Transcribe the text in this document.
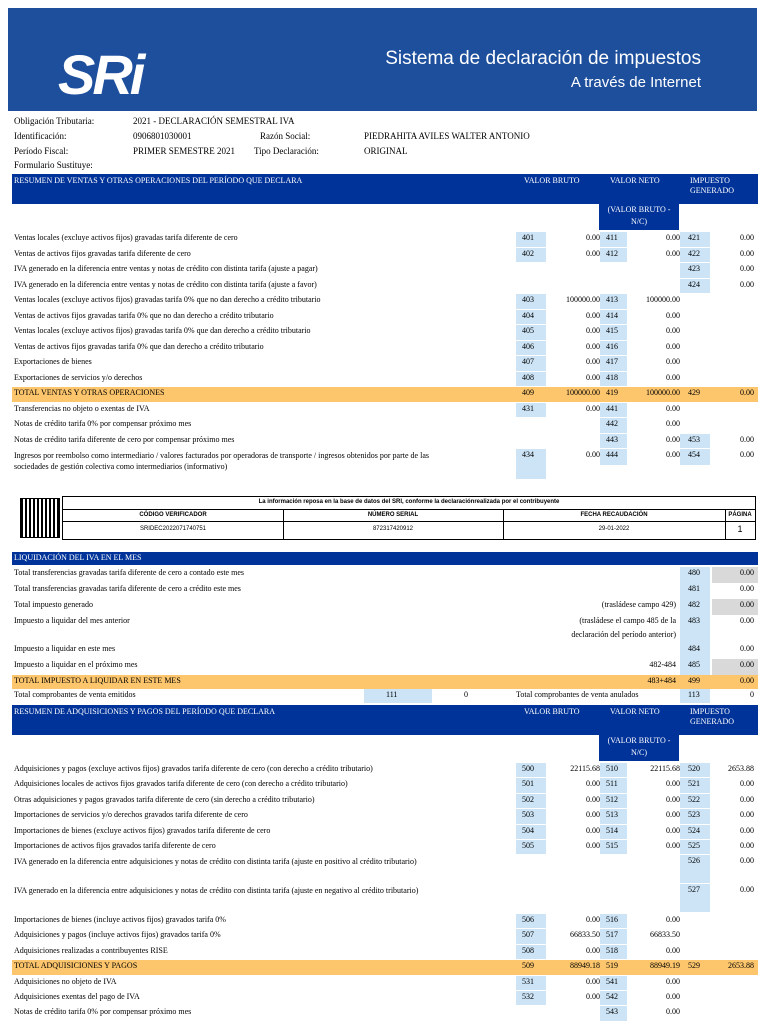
SRi	Sistema de declaración de impuestos
A través de Internet
Obligación Tributaria:	2021 - DECLARACIÓN SEMESTRAL IVA
Identificación:	0906801030001	Razón Social:	PIEDRAHITA AVILES WALTER ANTONIO
Período Fiscal:	PRIMER SEMESTRE 2021 Tipo Declaración:	ORIGINAL
Formulario Sustituye:
RESUMEN DE VENTAS Y OTRAS OPERACIONES DEL PERÍODO QUE DECLARA	VALOR BRUTO	VALOR NETO	IMPUESTO
GENERADO
(VALOR BRUTO -
N/C)
Ventas locales (excluye activos fijos) gravadas tarifa diferente de cero	401	0.00 411	0.00 421	0.00
Ventas de activos fijos gravadas tarifa diferente de cero	402	0.00 412	0.00 422	0.00
IVA generado en la diferencia entre ventas y notas de crédito con distinta tarifa (ajuste a pagar)	423	0.00
IVA generado en la diferencia entre ventas y notas de crédito con distinta tarifa (ajuste a favor)	424	0.00
Ventas locales (excluye activos fijos) gravadas tarifa 0% que no dan derecho a crédito tributario	403	100000.00 413	100000.00
Ventas de activos fijos gravadas tarifa 0% que no dan derecho a crédito tributario	404	0.00 414	0.00
Ventas locales (excluye activos fijos) gravadas tarifa 0% que dan derecho a crédito tributario	405	0.00 415	0.00
Ventas de activos fijos gravadas tarifa 0% que dan derecho a crédito tributario	406	0.00 416	0.00
Exportaciones de bienes	407	0.00 417	0.00
Exportaciones de servicios y/o derechos	408	0.00 418	0.00
TOTAL VENTAS Y OTRAS OPERACIONES	409	100000.00 419	100000.00 429	0.00
Transferencias no objeto o exentas de IVA	431	0.00 441	0.00
Notas de crédito tarifa 0% por compensar próximo mes	442	0.00
Notas de crédito tarifa diferente de cero por compensar próximo mes	443	0.00 453	0.00
Ingresos por reembolso como intermediario / valores facturados por operadoras de transporte / ingresos obtenidos por parte de las sociedades de gestión colectiva como intermediarios (informativo)
434	0.00 444	0.00 454	0.00
La información reposa en la base de datos del SRI, conforme la declaraciónrealizada por el contribuyente
CÓDIGO VERIFICADOR	NÚMERO SERIAL	FECHA RECAUDACIÓN	PÁGINA
SRIDEC2022071740751	872317420912	29-01-2022	1
LIQUIDACIÓN DEL IVA EN EL MES
Total transferencias gravadas tarifa diferente de cero a contado este mes	480	0.00
Total transferencias gravadas tarifa diferente de cero a crédito este mes	481	0.00
Total impuesto generado	(trasládese campo 429) 482	0.00
Impuesto a liquidar del mes anterior	(trasládese el campo 485 de la
declaración del período anterior)
483	0.00
Impuesto a liquidar en este mes	484	0.00
Impuesto a liquidar en el próximo mes	482-484 485	0.00
TOTAL IMPUESTO A LIQUIDAR EN ESTE MES	483+484 499	0.00
Total comprobantes de venta emitidos	111	0	Total comprobantes de venta anulados	113	0
RESUMEN DE ADQUISICIONES Y PAGOS DEL PERÍODO QUE DECLARA	VALOR BRUTO	VALOR NETO	IMPUESTO
GENERADO
(VALOR BRUTO -
N/C)
Adquisiciones y pagos (excluye activos fijos) gravados tarifa diferente de cero (con derecho a crédito tributario)	500	22115.68 510	22115.68 520	2653.88
Adquisiciones locales de activos fijos gravados tarifa diferente de cero (con derecho a crédito tributario)	501	0.00 511	0.00 521	0.00
Otras adquisiciones y pagos gravados tarifa diferente de cero (sin derecho a crédito tributario)	502	0.00 512	0.00 522	0.00
Importaciones de servicios y/o derechos gravados tarifa diferente de cero	503	0.00 513	0.00 523	0.00
Importaciones de bienes (excluye activos fijos) gravados tarifa diferente de cero	504	0.00 514	0.00 524	0.00
Importaciones de activos fijos gravados tarifa diferente de cero	505	0.00 515	0.00 525	0.00
IVA generado en la diferencia entre adquisiciones y notas de crédito con distinta tarifa (ajuste en positivo al crédito tributario)	526	0.00
IVA generado en la diferencia entre adquisiciones y notas de crédito con distinta tarifa (ajuste en negativo al crédito tributario)	527	0.00
Importaciones de bienes (incluye activos fijos) gravados tarifa 0%	506	0.00 516	0.00
Adquisiciones y pagos (incluye activos fijos) gravados tarifa 0%	507	66833.50 517	66833.50
Adquisiciones realizadas a contribuyentes RISE	508	0.00 518	0.00
TOTAL ADQUISICIONES Y PAGOS	509	88949.18 519	88949.19 529	2653.88
Adquisiciones no objeto de IVA	531	0.00 541	0.00
Adquisiciones exentas del pago de IVA	532	0.00 542	0.00
Notas de crédito tarifa 0% por compensar próximo mes	543	0.00
